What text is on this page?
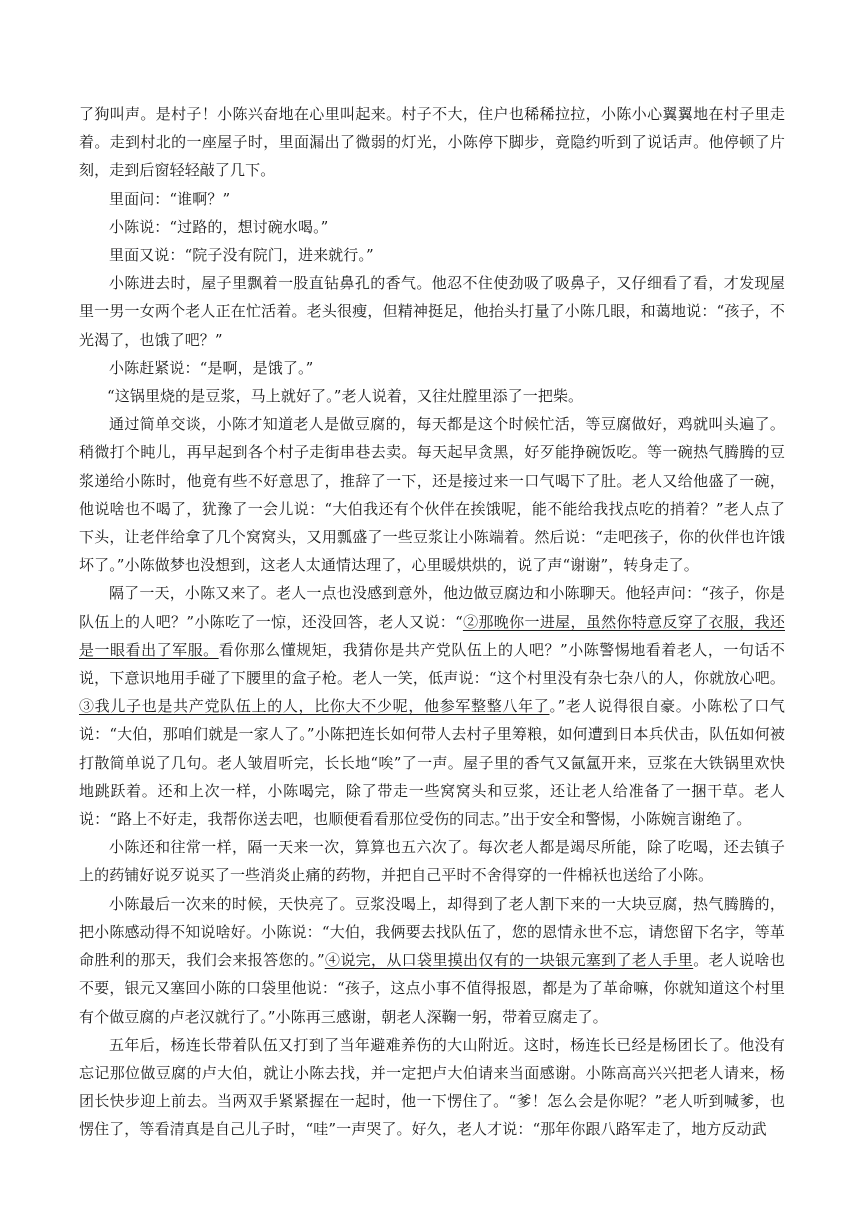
了狗叫声。是村子！小陈兴奋地在心里叫起来。村子不大，住户也稀稀拉拉，小陈小心翼翼地在村子里走着。走到村北的一座屋子时，里面漏出了微弱的灯光，小陈停下脚步，竟隐约听到了说话声。他停顿了片刻，走到后窗轻轻敲了几下。

里面问：“谁啊？”

小陈说：“过路的，想讨碗水喝。”

里面又说：“院子没有院门，进来就行。”

小陈进去时，屋子里飘着一股直钻鼻孔的香气。他忍不住使劲吸了吸鼻子，又仔细看了看，才发现屋里一男一女两个老人正在忙活着。老头很瘦，但精神挺足，他抬头打量了小陈几眼，和蔼地说：“孩子，不光渴了，也饿了吧？”

小陈赶紧说：“是啊，是饿了。”

“这锅里烧的是豆浆，马上就好了。”老人说着，又往灶膛里添了一把柴。

通过简单交谈，小陈才知道老人是做豆腐的，每天都是这个时候忙活，等豆腐做好，鸡就叫头遍了。稍微打个盹儿，再早起到各个村子走街串巷去卖。每天起早贪黑，好歹能挣碗饭吃。等一碗热气腾腾的豆浆递给小陈时，他竟有些不好意思了，推辞了一下，还是接过来一口气喝下了肚。老人又给他盛了一碗，他说啥也不喝了，犹豫了一会儿说：“大伯我还有个伙伴在挨饿呢，能不能给我找点吃的捎着？”老人点了下头，让老伴给拿了几个窝窝头，又用瓢盛了一些豆浆让小陈端着。然后说：“走吧孩子，你的伙伴也许饿坏了。”小陈做梦也没想到，这老人太通情达理了，心里暖烘烘的，说了声“谢谢”，转身走了。

隔了一天，小陈又来了。老人一点也没感到意外，他边做豆腐边和小陈聊天。他轻声问：“孩子，你是队伍上的人吧？”小陈吃了一惊，还没回答，老人又说：“②那晚你一进屋，虽然你特意反穿了衣服，我还是一眼看出了军服。看你那么懂规矩，我猜你是共产党队伍上的人吧？”小陈警惕地看着老人，一句话不说，下意识地用手碰了下腰里的盒子枪。老人一笑，低声说：“这个村里没有杂七杂八的人，你就放心吧。③我儿子也是共产党队伍上的人，比你大不少呢，他参军整整八年了。”老人说得很自豪。小陈松了口气说：“大伯，那咱们就是一家人了。”小陈把连长如何带人去村子里筹粮，如何遭到日本兵伏击，队伍如何被打散简单说了几句。老人皱眉听完，长长地“唉”了一声。屋子里的香气又氤氲开来，豆浆在大铁锅里欢快地跳跃着。还和上次一样，小陈喝完，除了带走一些窝窝头和豆浆，还让老人给准备了一捆干草。老人说：“路上不好走，我帮你送去吧，也顺便看看那位受伤的同志。”出于安全和警惕，小陈婉言谢绝了。

小陈还和往常一样，隔一天来一次，算算也五六次了。每次老人都是竭尽所能，除了吃喝，还去镇子上的药铺好说歹说买了一些消炎止痛的药物，并把自己平时不舍得穿的一件棉袄也送给了小陈。

小陈最后一次来的时候，天快亮了。豆浆没喝上，却得到了老人割下来的一大块豆腐，热气腾腾的，把小陈感动得不知说啥好。小陈说：“大伯，我俩要去找队伍了，您的恩情永世不忘，请您留下名字，等革命胜利的那天，我们会来报答您的。”④说完，从口袋里摸出仅有的一块银元塞到了老人手里。老人说啥也不要，银元又塞回小陈的口袋里他说：“孩子，这点小事不值得报恩，都是为了革命嘛，你就知道这个村里有个做豆腐的卢老汉就行了。”小陈再三感谢，朝老人深鞠一躬，带着豆腐走了。

五年后，杨连长带着队伍又打到了当年避难养伤的大山附近。这时，杨连长已经是杨团长了。他没有忘记那位做豆腐的卢大伯，就让小陈去找，并一定把卢大伯请来当面感谢。小陈高高兴兴把老人请来，杨团长快步迎上前去。当两双手紧紧握在一起时，他一下愣住了。“爹！怎么会是你呢？”老人听到喊爹，也愣住了，等看清真是自己儿子时，“哇”一声哭了。好久，老人才说：“那年你跟八路军走了，地方反动武
